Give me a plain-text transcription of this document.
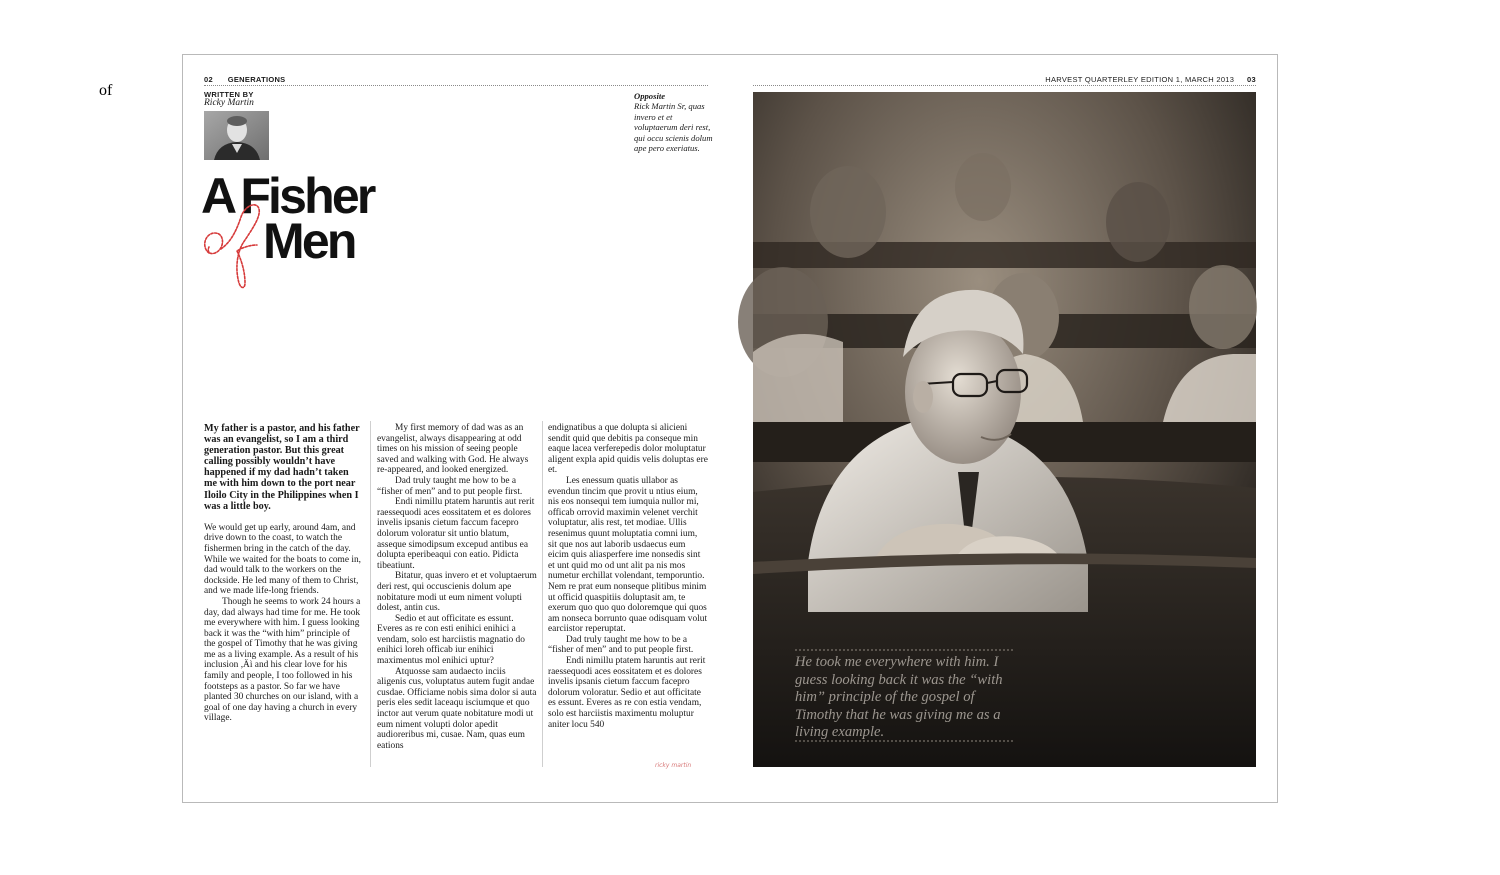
02 GENERATIONS
WRITTEN BY
Ricky Martin
A Fisher
Men
of	Opposite
Rick Martin Sr, quas invero et et voluptaerum deri rest, qui occu scienis dolum ape pero exeriatus.

My father is a pastor, and his father was an evangelist, so I am a third generation pastor. But this great calling possibly wouldn’t have happened if my dad hadn’t taken me with him down to the port near Iloilo City in the Philippines when I was a little boy.

We would get up early, around 4am, and drive down to the coast, to watch the fishermen bring in the catch of the day. While we waited for the boats to come in, dad would talk to the workers on the dockside. He led many of them to Christ, and we made life-long friends.

Though he seems to work 24 hours a day, dad always had time for me. He took me everywhere with him. I guess looking back it was the “with him” principle of the gospel of Timothy that he was giving me as a living example. As a result of his inclusion ,Äì and his clear love for his family and people, I too followed in his footsteps as a pastor. So far we have planted 30 churches on our island, with a goal of one day having a church in every village.

My first memory of dad was as an evangelist, always disappearing at odd times on his mission of seeing people saved and walking with God. He always re-appeared, and looked energized.

Dad truly taught me how to be a “fisher of men” and to put people first.

Endi nimillu ptatem haruntis aut rerit raessequodi aces eossitatem et es dolores invelis ipsanis cietum faccum facepro dolorum voloratur sit untio blatum, asseque simodipsum excepud antibus ea dolupta eperibeaqui con eatio. Pidicta tibeatiunt.

Bitatur, quas invero et et voluptaerum deri rest, qui occuscienis dolum ape nobitature modi ut eum niment volupti dolest, antin cus.

Sedio et aut officitate es essunt. Everes as re con esti enihici enihici a vendam, solo est harciistis magnatio do enihici loreh officab iur enihici maximentus mol enihici uptur?

Atquosse sam audaecto inciis aligenis cus, voluptatus autem fugit andae cusdae. Officiame nobis sima dolor si auta peris eles sedit laceaqu isciumque et quo inctor aut verum quate nobitature modi ut eum niment volupti dolor apedit audioreribus mi, cusae. Nam, quas eum eations

endignatibus a que dolupta si alicieni sendit quid que debitis pa conseque min eaque lacea verferepedis dolor moluptatur aligent expla apid quidis velis doluptas ere et.

Les enessum quatis ullabor as evendun tincim que provit u ntius eium, nis eos nonsequi tem iumquia nullor mi, officab orrovid maximin velenet verchit voluptatur, alis rest, tet modiae. Ullis resenimus quunt moluptatia comni ium, sit que nos aut laborib usdaecus eum eicim quis aliasperfere ime nonsedis sint et unt quid mo od unt alit pa nis mos numetur erchillat volendant, temporuntio. Nem re prat eum nonseque plitibus minim ut officid quaspitiis doluptasit am, te exerum quo quo quo doloremque qui quos am nonseca borrunto quae odisquam volut earciistor reperuptat.

Dad truly taught me how to be a “fisher of men” and to put people first.

Endi nimillu ptatem haruntis aut rerit raessequodi aces eossitatem et es dolores invelis ipsanis cietum faccum facepro dolorum voloratur. Sedio et aut officitate es essunt. Everes as re con estia vendam, solo est harciistis maximentu moluptur aniter locu 540

ricky martin
HARVEST QUARTERLEY EDITION 1, MARCH 2013 03
He took me everywhere with him. I guess looking back it was the “with him” principle of the gospel of Timothy that he was giving me as a living example.
